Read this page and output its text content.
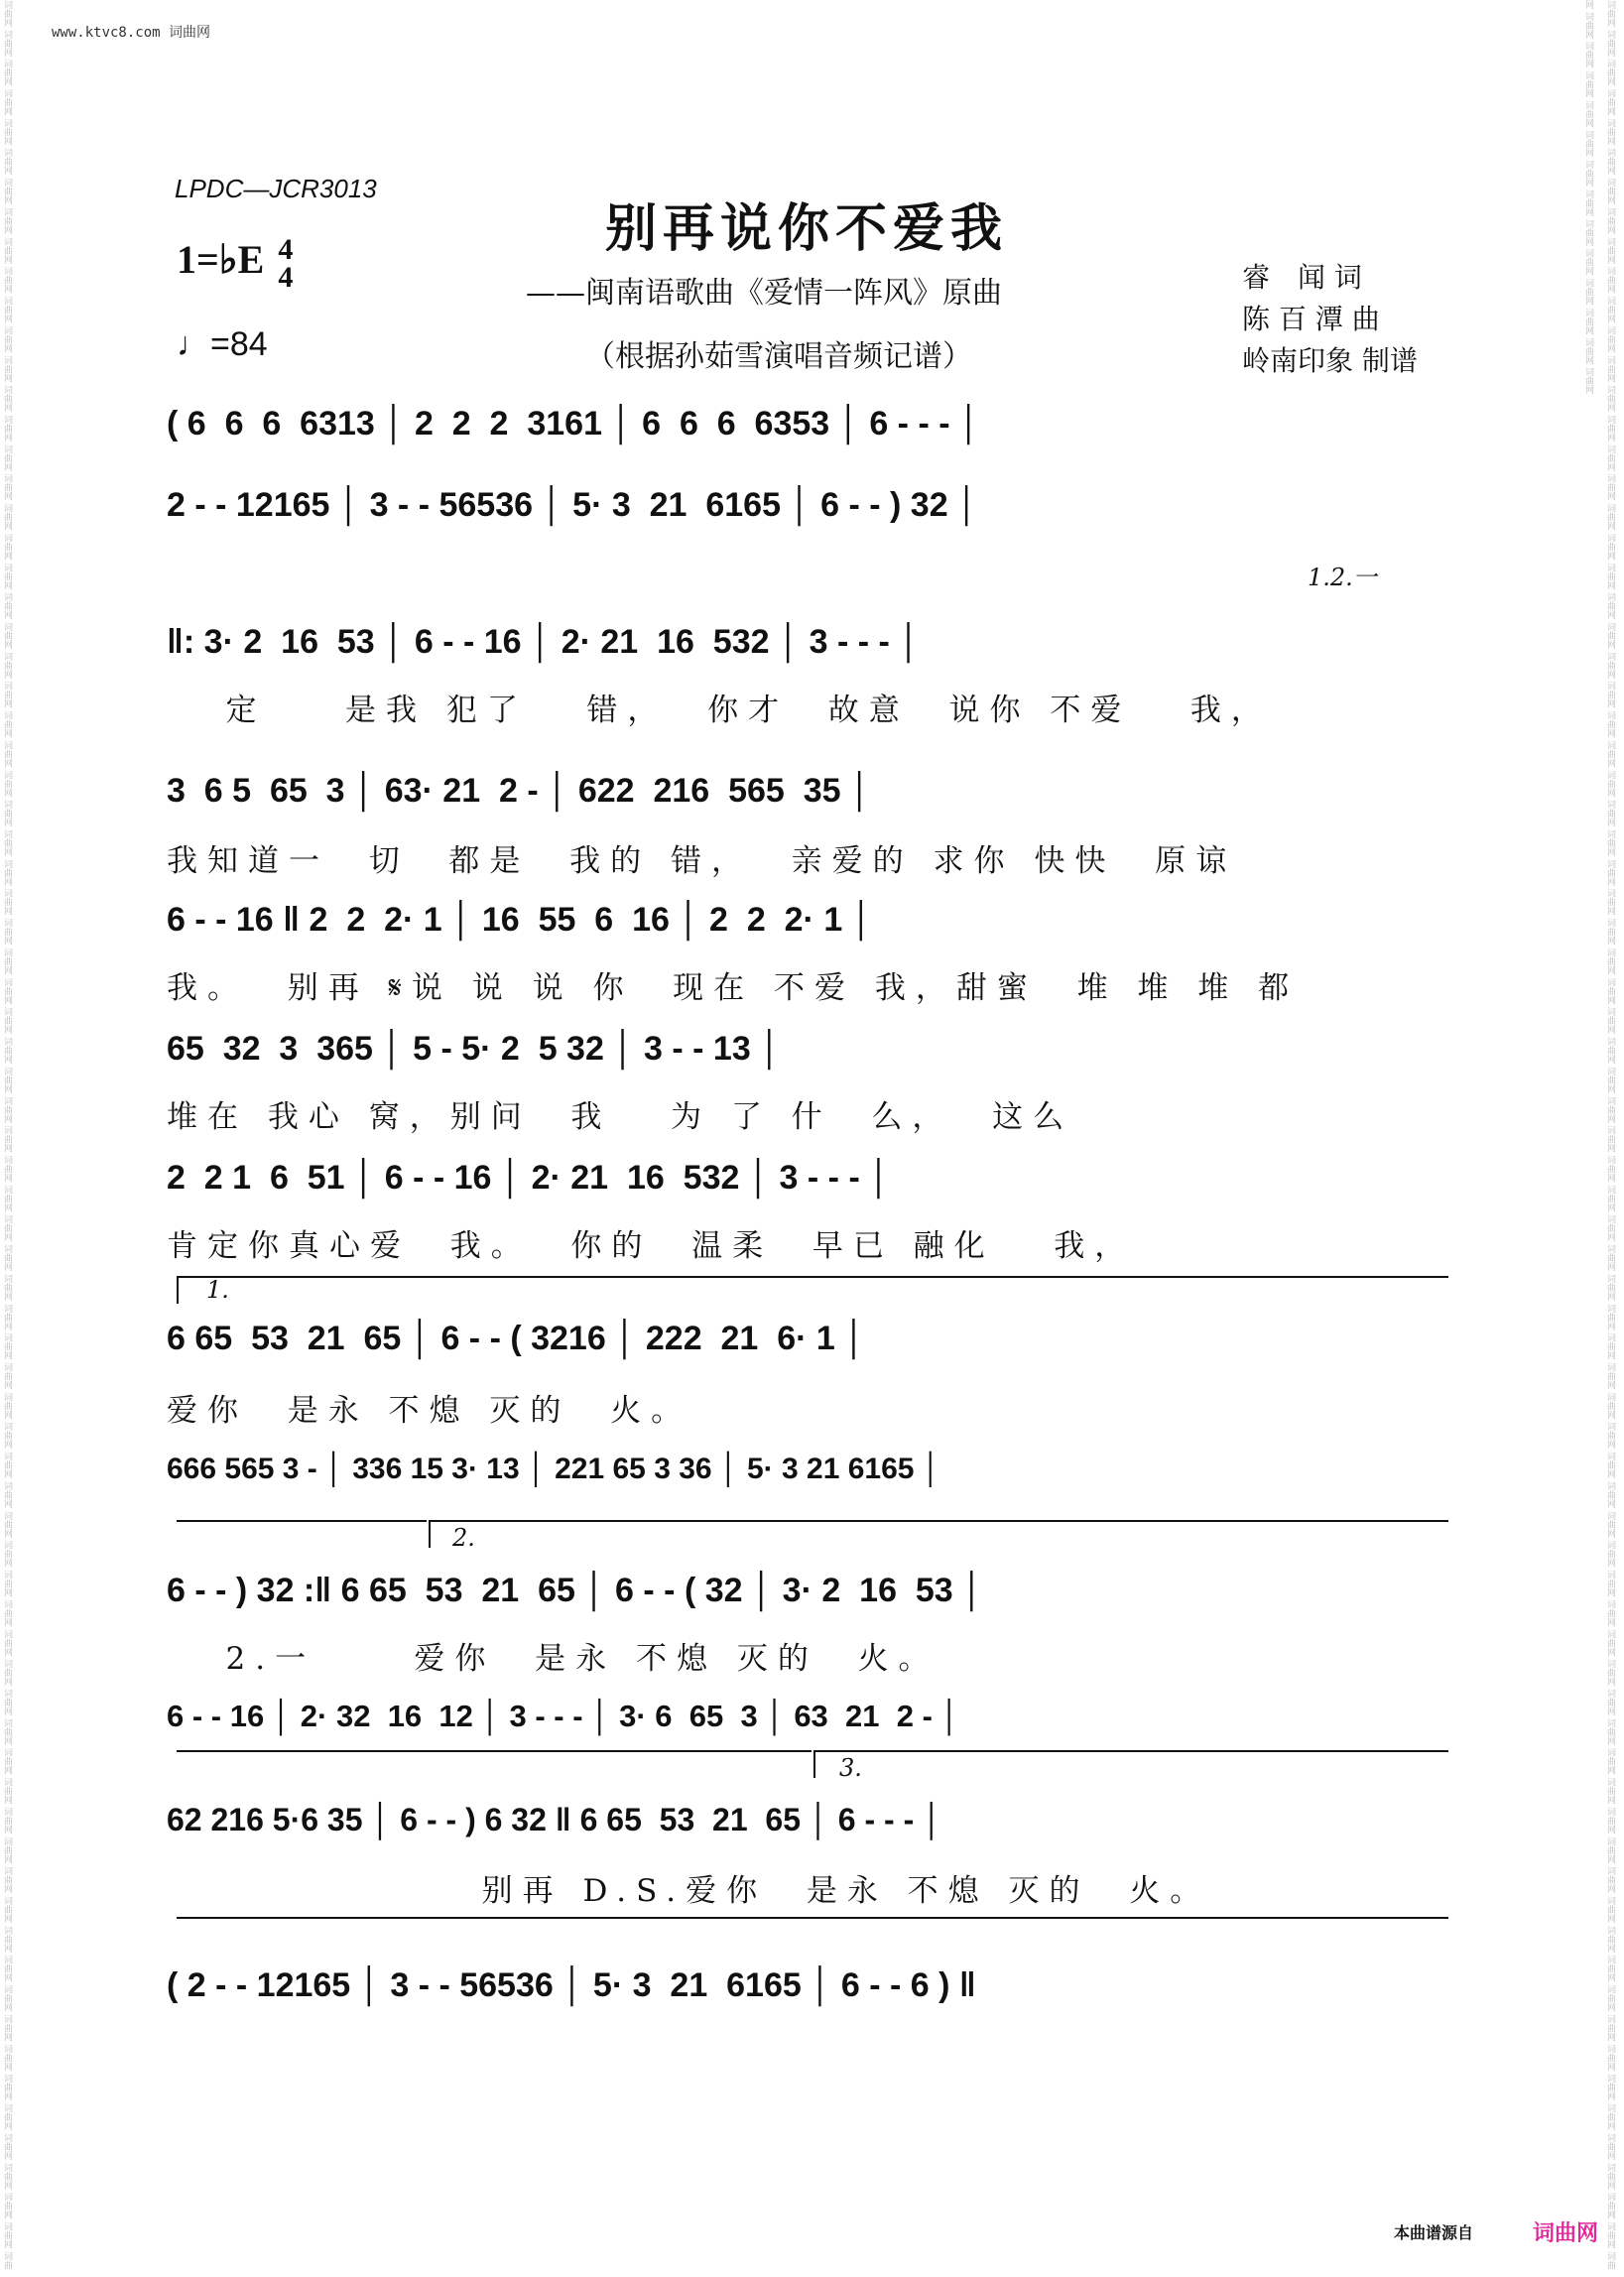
词曲网 词曲网 词曲网 词曲网 词曲网 词曲网 词曲网 词曲网 词曲网 词曲网 词曲网 词曲网 词曲网 词曲网 词曲网 词曲网 词曲网 词曲网 词曲网 词曲网 词曲网 词曲网 词曲网 词曲网 词曲网 词曲网 词曲网 词曲网 词曲网 词曲网 词曲网 词曲网 词曲网 词曲网 词曲网 词曲网 词曲网 词曲网 词曲网 词曲网 词曲网 词曲网 词曲网 词曲网 词曲网 词曲网 词曲网 词曲网 词曲网 词曲网 词曲网 词曲网 词曲网 词曲网 词曲网 词曲网 词曲网 词曲网 词曲网 词曲网 词曲网 词曲网 词曲网 词曲网 词曲网 词曲网 词曲网 词曲网 词曲网 词曲网 词曲网 词曲网 词曲网 词曲网 词曲网 词曲网 词曲	词曲网 词曲网 词曲网 词曲网 词曲网 词曲网 词曲网 词曲网 词曲网 词曲网 词曲网 词曲网 词曲网 词曲网 词曲网 词曲网 词曲网 词曲网 词曲网 词曲网 词曲网 词曲网 词曲网 词曲网 词曲网 词曲网 词曲网 词曲网 词曲网 词曲网 词曲网 词曲网 词曲网 词曲网 词曲网 词曲网 词曲网 词曲网 词曲网 词曲网 词曲网 词曲网 词曲网 词曲网 词曲网 词曲网 词曲网 词曲网 词曲网 词曲网 词曲网 词曲网 词曲网 词曲网 词曲网 词曲网 词曲网 词曲网 词曲网 词曲网 词曲网 词曲网 词曲网 词曲网 词曲网 词曲网 词曲网 词曲网 词曲网 词曲网 词曲网 词曲网 词曲网 词曲网 词曲网 词曲网 词曲网 词曲网 词曲网 词曲网 词曲网 词曲网 词曲网 词曲网 词曲网 词曲网 词曲网 词曲网 词曲网 词曲网
www.ktvc8.com 词曲网
LPDC—JCR3013
别再说你不爱我
——闽南语歌曲《爱情一阵风》原曲
（根据孙茹雪演唱音频记谱）
1=♭E 4
4
♩=84
睿　闻 词
陈 百 潭 曲
岭南印象 制谱
( 6  6  6  6313 │ 2  2  2  3161 │ 6  6  6  6353 │ 6 - - - │
2 - - 12165 │ 3 - - 56536 │ 5· 3  21  6165 │ 6 - - ) 32 │
1.2.一
‖: 3· 2  16  53 │ 6 - - 16 │ 2· 21  16  532 │ 3 - - - │
定    是我 犯了   错，  你才  故意  说你 不爱   我，
3  6 5  65  3 │ 63· 21  2 - │ 622  216  565  35 │
我知道一  切  都是  我的 错，  亲爱的 求你 快快  原谅
6 - - 16 ‖ 2  2  2· 1 │ 16  55  6  16 │ 2  2  2· 1 │
我。  别再 𝄋说 说 说 你  现在 不爱 我，甜蜜  堆 堆 堆 都
65  32  3  365 │ 5 - 5· 2  5 32 │ 3 - - 13 │
堆在 我心 窝，别问  我   为 了 什  么，  这么
2  2 1  6  51 │ 6 - - 16 │ 2· 21  16  532 │ 3 - - - │
肯定你真心爱  我。  你的  温柔  早已 融化   我，
1.
6 65  53  21  65 │ 6 - - ( 3216 │ 222  21  6· 1 │
爱你  是永 不熄 灭的  火。
666 565 3 - │ 336 15 3· 13 │ 221 65 3 36 │ 5· 3 21 6165 │
2.
6 - - ) 32 :‖ 6 65  53  21  65 │ 6 - - ( 32 │ 3· 2  16  53 │
2.一     爱你  是永 不熄 灭的  火。
6 - - 16 │ 2· 32  16  12 │ 3 - - - │ 3· 6  65  3 │ 63  21  2 - │
3.
62 216 5·6 35 │ 6 - - ) 6 32 ‖ 6 65  53  21  65 │ 6 - - - │
别再 D.S.爱你  是永 不熄 灭的  火。
( 2 - - 12165 │ 3 - - 56536 │ 5· 3  21  6165 │ 6 - - 6 ) ‖
本曲谱源自	词曲网
